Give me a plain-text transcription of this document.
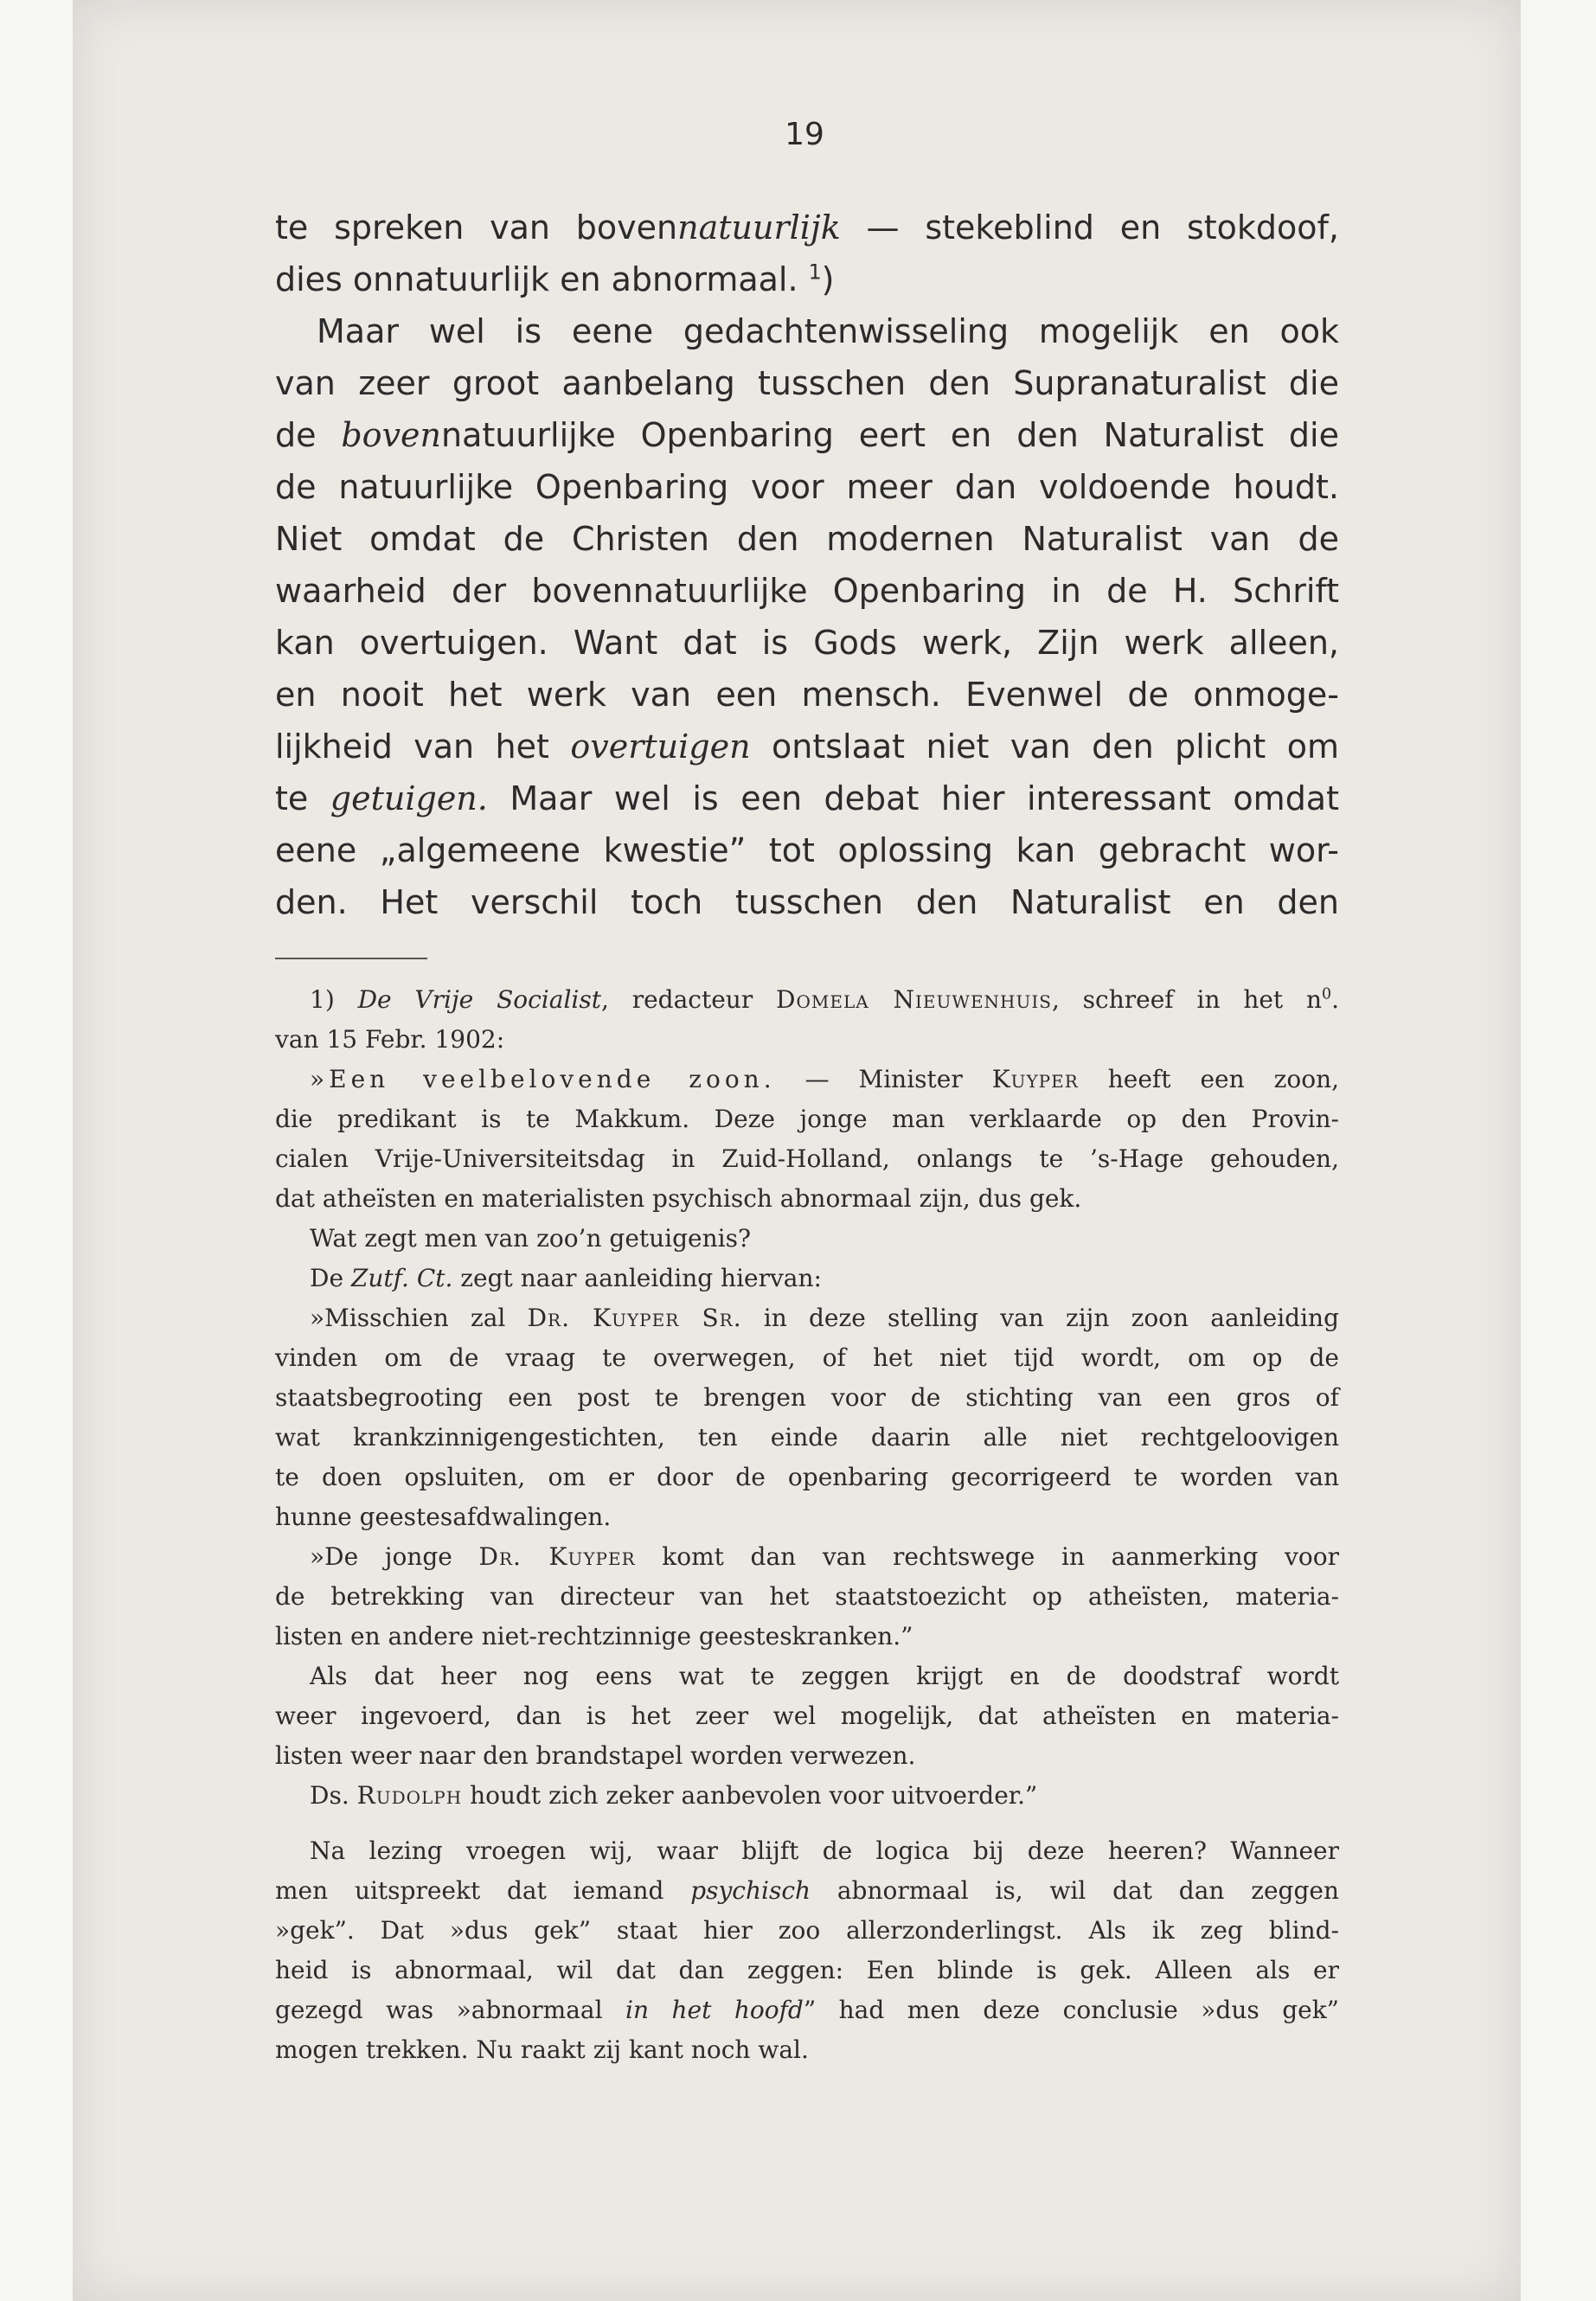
19
te spreken van bovennatuurlijk — stekeblind en stokdoof,
dies onnatuurlijk en abnormaal. $^1$)
Maar wel is eene gedachtenwisseling mogelijk en ook
van zeer groot aanbelang tusschen den Supranaturalist die
de bovennatuurlijke Openbaring eert en den Naturalist die
de natuurlijke Openbaring voor meer dan voldoende houdt.
Niet omdat de Christen den modernen Naturalist van de
waarheid der bovennatuurlijke Openbaring in de H. Schrift
kan overtuigen. Want dat is Gods werk, Zijn werk alleen,
en nooit het werk van een mensch. Evenwel de onmoge-
lijkheid van het overtuigen ontslaat niet van den plicht om
te getuigen. Maar wel is een debat hier interessant omdat
eene „algemeene kwestie” tot oplossing kan gebracht wor-
den. Het verschil toch tusschen den Naturalist en den
1) De Vrije Socialist, redacteur Domela Nieuwenhuis, schreef in het $n^0$.
van 15 Febr. 1902:
»Een veelbelovende zoon. — Minister Kuyper heeft een zoon,
die predikant is te Makkum. Deze jonge man verklaarde op den Provin-
cialen Vrije-Universiteitsdag in Zuid-Holland, onlangs te ’s-Hage gehouden,
dat atheïsten en materialisten psychisch abnormaal zijn, dus gek.
Wat zegt men van zoo’n getuigenis?
De Zutf. Ct. zegt naar aanleiding hiervan:
»Misschien zal Dr. Kuyper Sr. in deze stelling van zijn zoon aanleiding
vinden om de vraag te overwegen, of het niet tijd wordt, om op de
staatsbegrooting een post te brengen voor de stichting van een gros of
wat krankzinnigengestichten, ten einde daarin alle niet rechtgeloovigen
te doen opsluiten, om er door de openbaring gecorrigeerd te worden van
hunne geestesafdwalingen.
»De jonge Dr. Kuyper komt dan van rechtswege in aanmerking voor
de betrekking van directeur van het staatstoezicht op atheïsten, materia-
listen en andere niet-rechtzinnige geesteskranken.”
Als dat heer nog eens wat te zeggen krijgt en de doodstraf wordt
weer ingevoerd, dan is het zeer wel mogelijk, dat atheïsten en materia-
listen weer naar den brandstapel worden verwezen.
Ds. Rudolph houdt zich zeker aanbevolen voor uitvoerder.”
Na lezing vroegen wij, waar blijft de logica bij deze heeren? Wanneer
men uitspreekt dat iemand psychisch abnormaal is, wil dat dan zeggen
»gek”. Dat »dus gek” staat hier zoo allerzonderlingst. Als ik zeg blind-
heid is abnormaal, wil dat dan zeggen: Een blinde is gek. Alleen als er
gezegd was »abnormaal in het hoofd” had men deze conclusie »dus gek”
mogen trekken. Nu raakt zij kant noch wal.
